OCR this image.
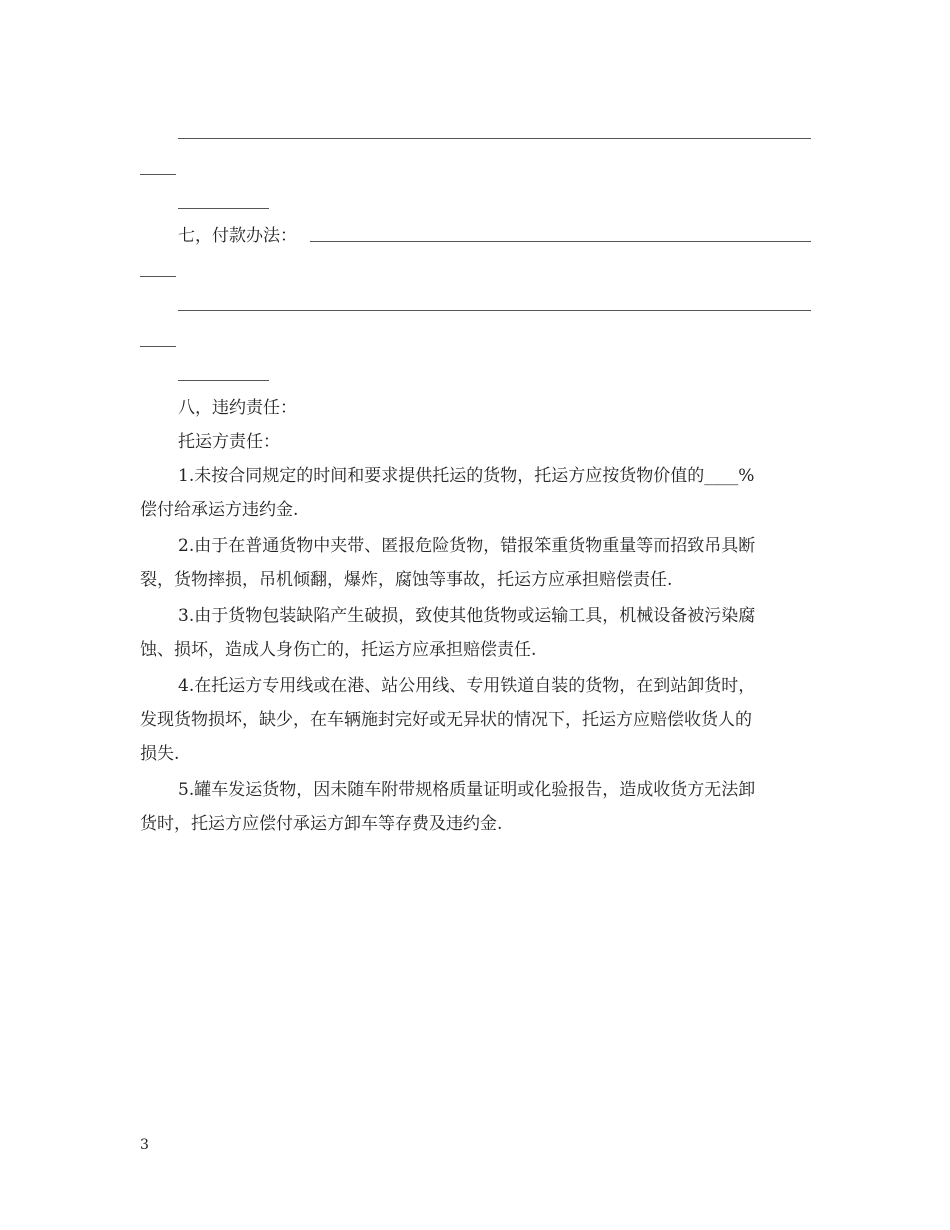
七，付款办法：
八，违约责任：
托运方责任：
1.未按合同规定的时间和要求提供托运的货物，托运方应按货物价值的____%
偿付给承运方违约金.
2.由于在普通货物中夹带、匿报危险货物，错报笨重货物重量等而招致吊具断
裂，货物摔损，吊机倾翻，爆炸，腐蚀等事故，托运方应承担赔偿责任.
3.由于货物包装缺陷产生破损，致使其他货物或运输工具，机械设备被污染腐
蚀、损坏，造成人身伤亡的，托运方应承担赔偿责任.
4.在托运方专用线或在港、站公用线、专用铁道自装的货物，在到站卸货时，
发现货物损坏，缺少，在车辆施封完好或无异状的情况下，托运方应赔偿收货人的
损失.
5.罐车发运货物，因未随车附带规格质量证明或化验报告，造成收货方无法卸
货时，托运方应偿付承运方卸车等存费及违约金.
3
